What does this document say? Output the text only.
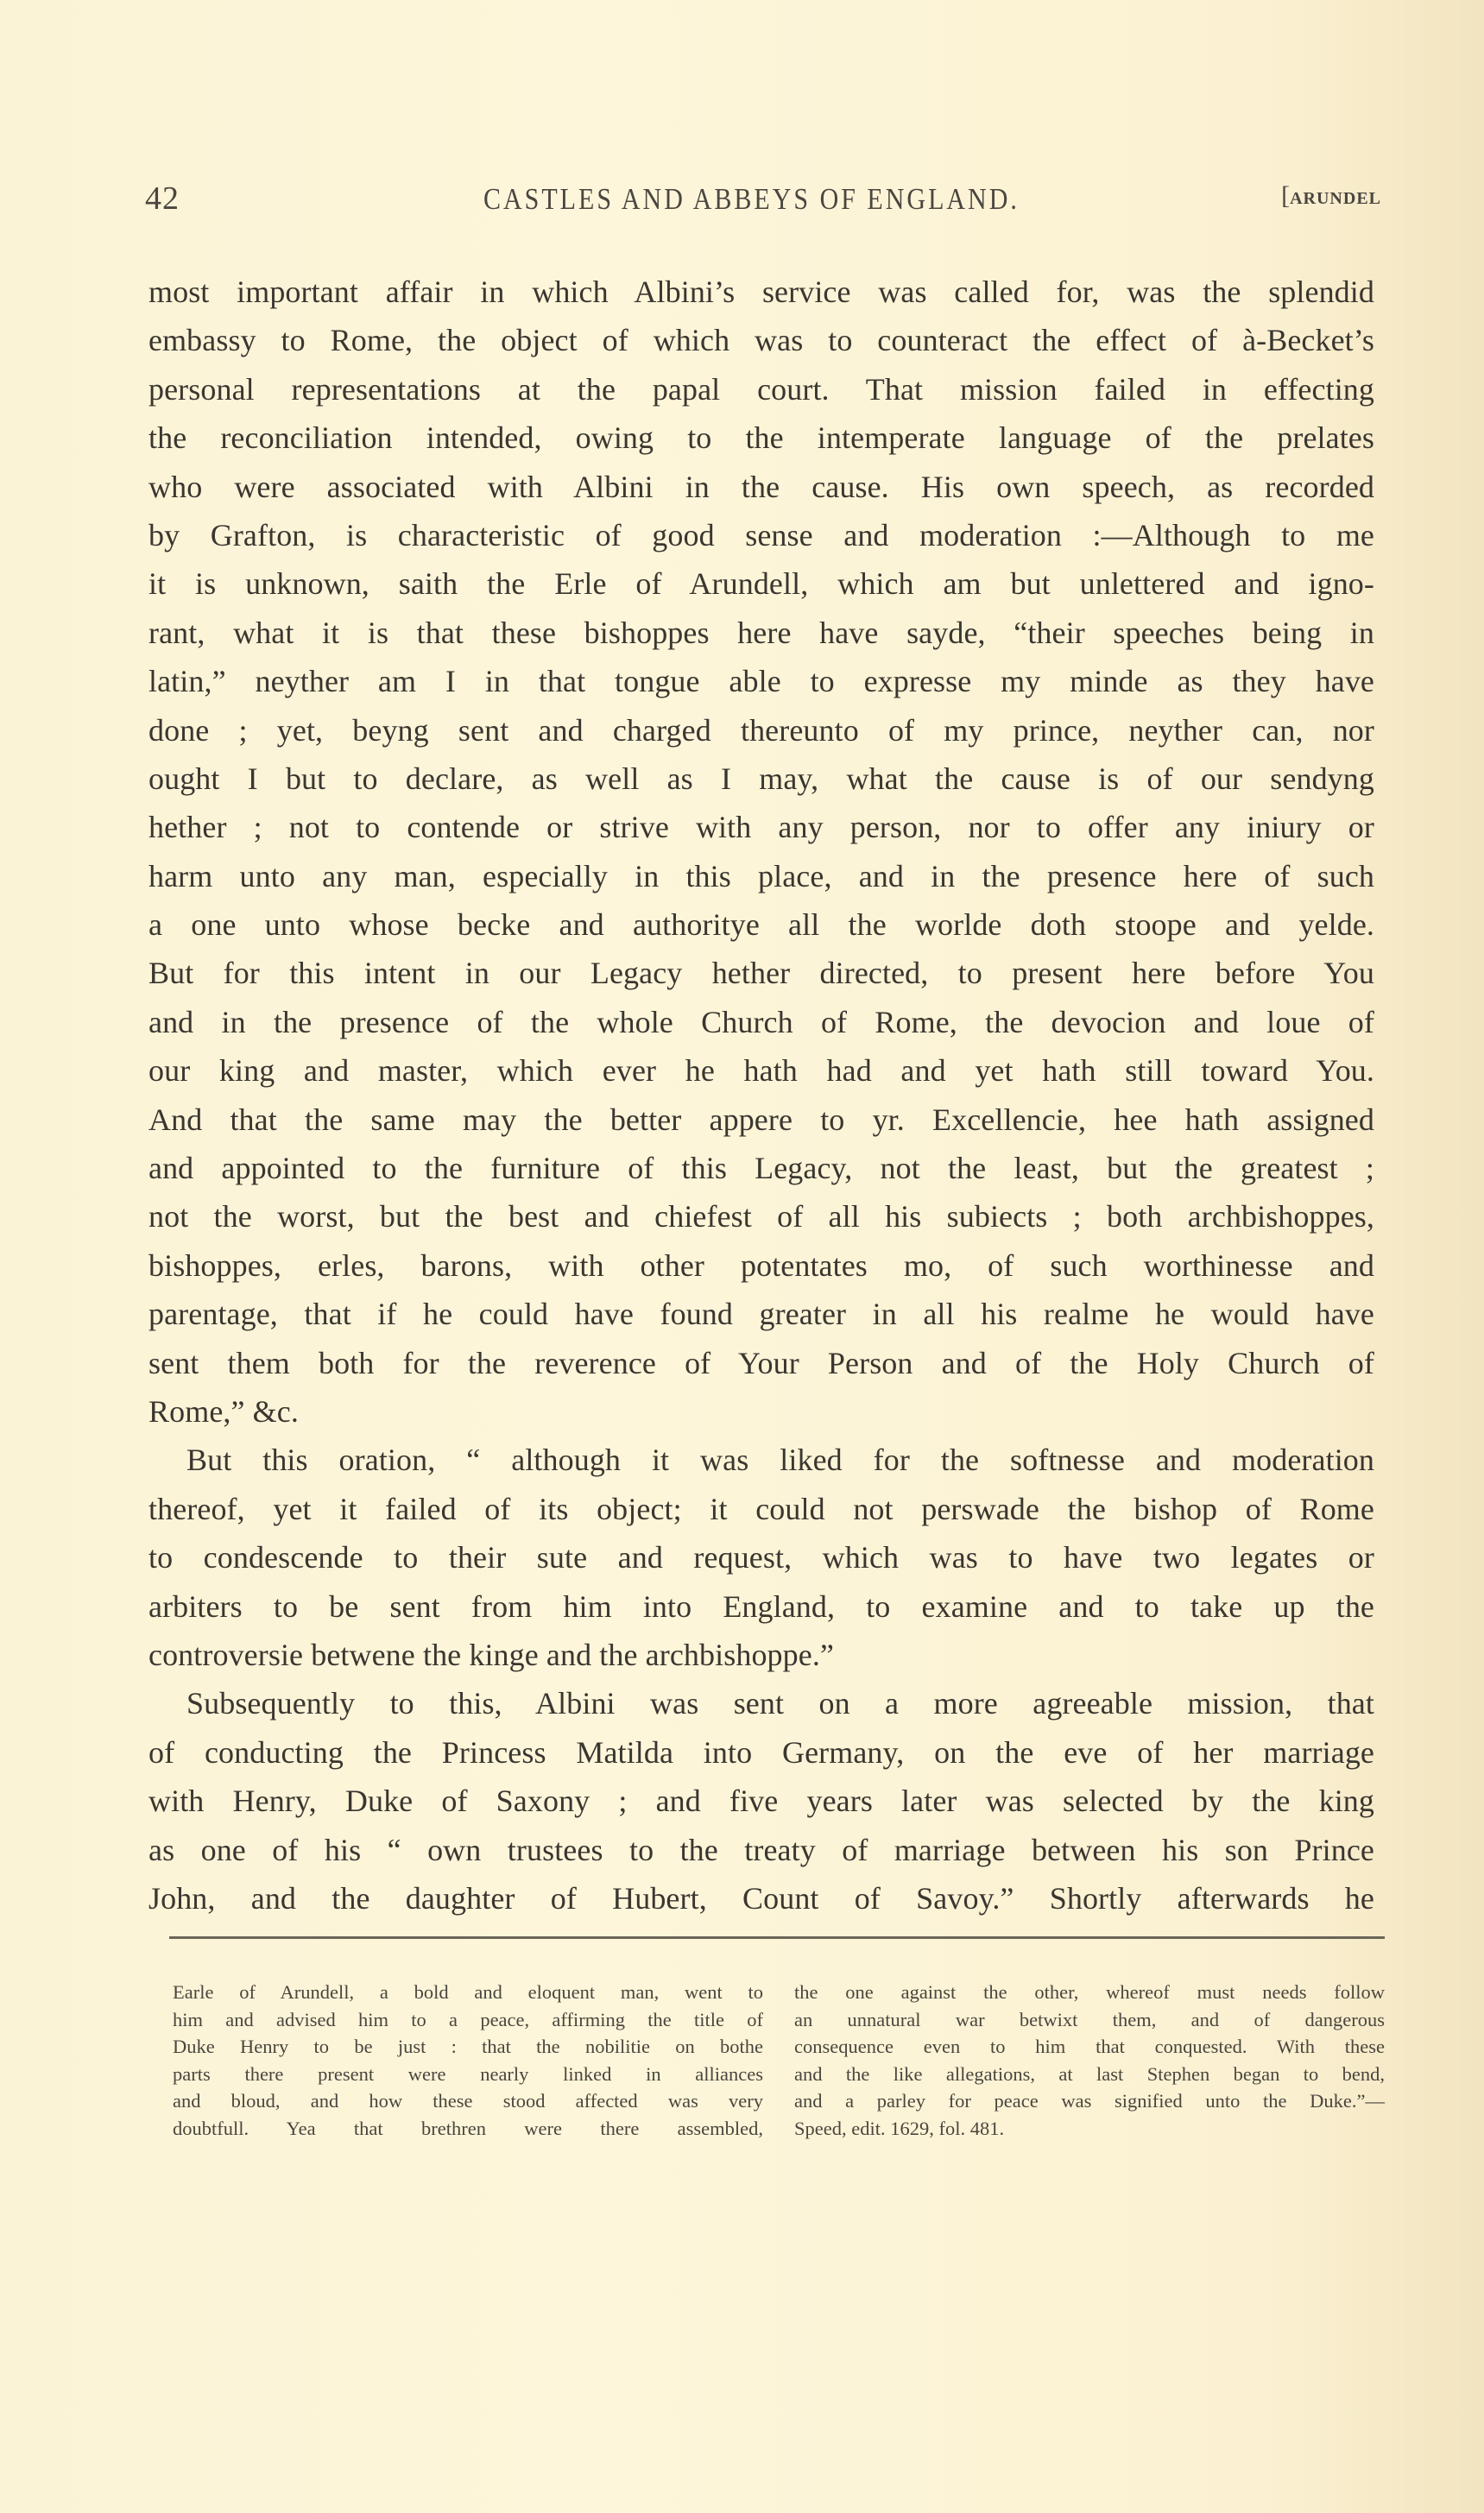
42	CASTLES AND ABBEYS OF ENGLAND.	[ARUNDEL
most important affair in which Albini’s service was called for, was the splendid
embassy to Rome, the object of which was to counteract the effect of à-Becket’s
personal representations at the papal court. That mission failed in effecting
the reconciliation intended, owing to the intemperate language of the prelates
who were associated with Albini in the cause. His own speech, as recorded
by Grafton, is characteristic of good sense and moderation :—Although to me
it is unknown, saith the Erle of Arundell, which am but unlettered and igno-
rant, what it is that these bishoppes here have sayde, “their speeches being in
latin,” neyther am I in that tongue able to expresse my minde as they have
done ; yet, beyng sent and charged thereunto of my prince, neyther can, nor
ought I but to declare, as well as I may, what the cause is of our sendyng
hether ; not to contende or strive with any person, nor to offer any iniury or
harm unto any man, especially in this place, and in the presence here of such
a one unto whose becke and authoritye all the worlde doth stoope and yelde.
But for this intent in our Legacy hether directed, to present here before You
and in the presence of the whole Church of Rome, the devocion and loue of
our king and master, which ever he hath had and yet hath still toward You.
And that the same may the better appere to yr. Excellencie, hee hath assigned
and appointed to the furniture of this Legacy, not the least, but the greatest ;
not the worst, but the best and chiefest of all his subiects ; both archbishoppes,
bishoppes, erles, barons, with other potentates mo, of such worthinesse and
parentage, that if he could have found greater in all his realme he would have
sent them both for the reverence of Your Person and of the Holy Church of
Rome,” &c.
But this oration, “ although it was liked for the softnesse and moderation
thereof, yet it failed of its object; it could not perswade the bishop of Rome
to condescende to their sute and request, which was to have two legates or
arbiters to be sent from him into England, to examine and to take up the
controversie betwene the kinge and the archbishoppe.”
Subsequently to this, Albini was sent on a more agreeable mission, that
of conducting the Princess Matilda into Germany, on the eve of her marriage
with Henry, Duke of Saxony ; and five years later was selected by the king
as one of his “ own trustees to the treaty of marriage between his son Prince
John, and the daughter of Hubert, Count of Savoy.” Shortly afterwards he
Earle of Arundell, a bold and eloquent man, went to
him and advised him to a peace, affirming the title of
Duke Henry to be just : that the nobilitie on bothe
parts there present were nearly linked in alliances
and bloud, and how these stood affected was very
doubtfull. Yea that brethren were there assembled,
the one against the other, whereof must needs follow
an unnatural war betwixt them, and of dangerous
consequence even to him that conquested. With these
and the like allegations, at last Stephen began to bend,
and a parley for peace was signified unto the Duke.”—
Speed, edit. 1629, fol. 481.
